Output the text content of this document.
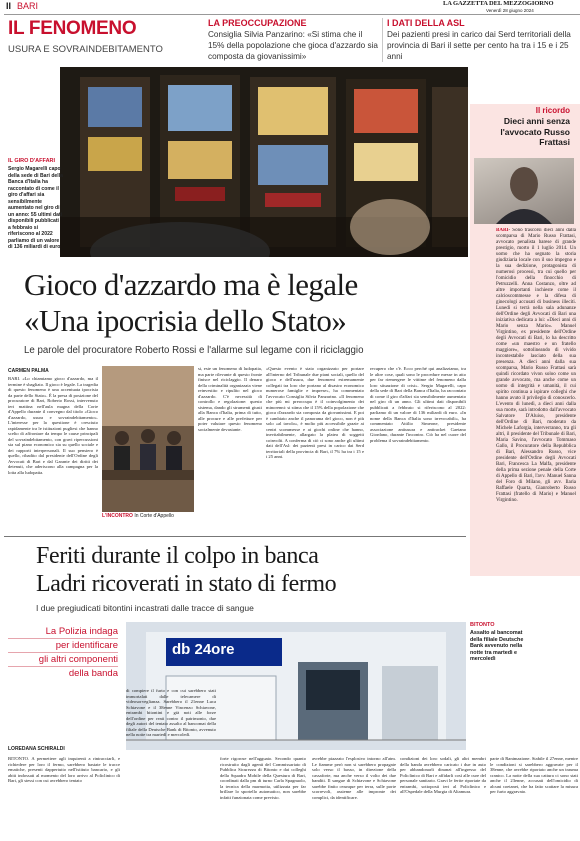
II BARI	LA GAZZETTA DEL MEZZOGIORNO
Venerdì 28 giugno 2024
IL FENOMENO
USURA E SOVRAINDEBITAMENTO
LA PREOCCUPAZIONE
Consiglia Silvia Panzarino: «Si stima che il 15% della popolazione che gioca d'azzardo sia composta da giovanissimi»
I DATI DELLA ASL
Dei pazienti presi in carico dai Serd territoriali della provincia di Bari il sette per cento ha tra i 15 e i 25 anni
IL GIRO D'AFFARI
Sergio Magarelli capo della sede di Bari della Banca d'Italia ha raccontato di come il giro d'affari sia sensibilmente aumentato nel giro di un anno: 55 ultimi dati disponibili pubblicati a febbraio si riferiscono al 2022 parliamo di un valore di 136 miliardi di euro
Il ricordo
Dieci anni senza l'avvocato Russo Frattasi
BARI- Sono trascorsi dieci anni dalla scomparsa di Mario Russo Frattasi, avvocato penalista barese di grande prestigio, morto il 1 luglio 2014. Un uomo che ha segnato la storia giudiziaria locale con il suo impegno e la sua dedizione, protagonista di numerosi processi, tra cui quello per l'omicidio della finocchio di Petruzzelli. Anna Costanzo, oltre ad altre importanti inchieste come il calcioscommesse e la difesa di ginecologi accusati di business illeciti. Lunedì si terrà nella sala adunanze dell'Ordine degli Avvocati di Bari una iniziativa dedicata a lui: «Dieci anni di Mario senza Mario». Manuel Virgintino, ex presidente dell'Ordine degli Avvocati di Bari, lo ha descritto come «un maestro e un fratello maggiore», sottolineando di vivido incontestabile lasciato della sua presenza. A dieci anni dalla sua scomparsa, Mario Russo Frattasi sarà quindi ricordato vivon soloo come un grande avvocato, ma anche come un uomo di integrità e umanità, il cui spirito continua a ispirare colleghi che hanno avuto il privilegio di conoscerlo. L'evento di lunedì, a dieci anni dalla sua morte, sarà introdotto dall'avvocato Salvatore D'Aluiso, presidente dell'Ordine di Bari, moderato da Michele Laforgia, interverranno, tra gli altri, il presidente del Tribunale di Bari, Maria Savino, l'avvocato Tommaso Gallo, il Procuratore della Repubblica di Bari, Alessandro Russo, vice presidente dell'Ordine degli Avvocati Bari, Francesca La Malfa, presidente della prima sezione penale della Corte di Appello di Bari, l'avv. Manuel Sanna del Foro di Milano, gli avv. Ilaria Raffaele Quarta, Gianroberto Russo Frattasi (fratello di Mario) e Manuel Virgintino.
Gioco d'azzardo ma è legale
«Una ipocrisia dello Stato»
Le parole del procuratore Roberto Rossi e l'allarme sul legame con il riciclaggio
CARMEN PALMA
BARI. «Lo chiamiamo gioco d'azzardo, ma il termine è sbagliato. Il gioco è legale. La tragedia di questo fenomeno è una accentuata ipocrisia da parte dello Stato». È la presa di posizione del procuratore di Bari, Roberto Rossi, intervenuto ieri mattina nell'aula magna della Corte d'Appello durante il convegno dal titolo «Gioco d'azzardo, usura e sovraindebitamento». L'interesse per la questione è cresciuto rapidamente tra le istituzioni pugliesi che hanno scelto di affrontare da tempo le cause principali del sovraindebitamento, con gravi ripercussioni sia sul piano economico sia su quello sociale e dei rapporti interpersonali. Il suo pensiero è quello, ribadito dal presidente dell'Ordine degli Avvocati di Bari e dal Garante dei diritti dei detenuti, che aderiscono alla campagna per la lotta alla ludopatia.
L'INCONTRO In Corte d'Appello
si, este un fenomeno di ludopatia, ma parte rilevante di questo fronte finisce nel riciclaggio. Il denaro della criminalità organizzata viene reinvestito e ripulito nel gioco d'azzardo. C'è necessità di controllo e regolazione: questo sistema, dando gli strumenti giusti alla Banca d'Italia, prima di tutto, alle procure e alle prefetture per poter valutare questo fenomeno socialmente devastante.
«Questo evento è stato organizzato per portare all'interno del Tribunale due piani sociali, quello del gioco e dell'usura, due fenomeni estremamente collegati tra loro che portano al disastro economico numerose famiglie e imprese», ha commentato l'avvocato Consiglia Silvia Panzarino. «Il fenomeno che più mi preoccupa è il coinvolgimento dei minorenni: si stima che il 15% della popolazione che gioca d'azzardo sia composta da giovanissimi. E poi è cambiato anche il panorama del gioco, non è più solo «al tavolo», è molto più accessibile grazie ai centri scommesse e ai giochi online che hanno, inevitabilmente, allargato la platea di soggetti coinvolti. A conferma di ciò ci sono anche gli ultimi dati dell'Asl: dei pazienti presi in carico dai Serd territoriali della provincia di Bari, il 7% ha tra i 15 e i 25 anni.
recupero che c'è. Ecco perché qui analizziamo, tra le altre cose, quali sono le procedure messe in atto per far riemergere le vittime del fenomeno dalla loro situazione di crisi». Sergio Magarelli, capo della sede di Bari della Banca d'Italia, ha raccontato di come il giro d'affari sia sensibilmente aumentato nel giro di un anno. Gli ultimi dati disponibili pubblicati a febbraio si riferiscono al 2022: parliamo di un valore di 136 miliardi di euro. «In nome della Banca d'Italia sono irrevocabili», ha commentato Attilio Simeone, presidente associazione antiusura e antiracket Gaetano Giordano, durante l'incontro. Ciò ha nel cuore del problema il sovraindebitamento.
Feriti durante il colpo in banca
Ladri ricoverati in stato di fermo
I due pregiudicati bitontini incastrati dalle tracce di sangue
La Polizia indaga
per identificare
gli altri componenti
della banda
db 24ore
BITONTO
Assalto al bancomat della filiale Deutsche Bank avvenuto nella notte tra martedì e mercoledì
LOREDANA SCHIRALDI
BITONTO. A permettere agli inquirenti a rintracciarli, e richiedere per loro il fermo, sarebbero bastate le tracce ematiche, presenti dappertutto nell'istituto bancario, e gli abiti indossati al momento del loro arrivo al Policlinico di Bari, gli stessi con cui avrebbero tentato
di compiere il furto e con cui sarebbero stati immortalati dalle telecamere di videosorveglianza. Sarebbero il 21enne Luca Schiavone e il 38enne Vincenzo Schiavone, entrambi bitontini e già noti alle forze dell'ordine per reati contro il patrimonio, due degli autori del tentato assalto al bancomat della filiale della Deutsche Bank di Bitonto, avvenuto nella notte tra martedì e mercoledì.
forte rigorose nell'agguato. Secondo quanto ricostruito dagli agenti del Commissariato di Pubblica Sicurezza di Bitonto e dai colleghi della Squadra Mobile della Questura di Bari, coordinati dalla pm di turno Carla Spagnuolo, la tecnica della marmotta, utilizzata per far brillare lo sportello automatico, non sarebbe infatti funzionata come previsto.
avrebbe piazzato l'esplosivo intorno all'atm. Le fiamme però non si sarebbero propagate solo verso il basso, in direzione della cassaforte, ma anche verso il volto dei due banditi. Il sangue di Schiavone e Schiavone sarebbe finito ovunque per terra, sulle porte scorrevoli, assieme alle impronte dei complici, da identificare.
condizioni dei loro sodali, gli altri membri della banda avrebbero caricato i due in auto per abbandonarli dinanzi all'ingresso del Policlinico di Bari e affidarli così alle cure del personale sanitario. Gravi le ferite riportate da entrambi, sottoposti ieri al Policlinico e all'Ospedale della Murgia di Altamura.
parte di Ranimazione. Stabile il 27enne, mentre le condizioni si sarebbero aggravate per il 38enne, che avrebbe riportato anche un trauma cranico. La notte della sua cattura ci sono stati anche il 23enne, accusati dell'omicidio di alcuni coetanei, che ha fatto scattare la misura per furto aggravato.
